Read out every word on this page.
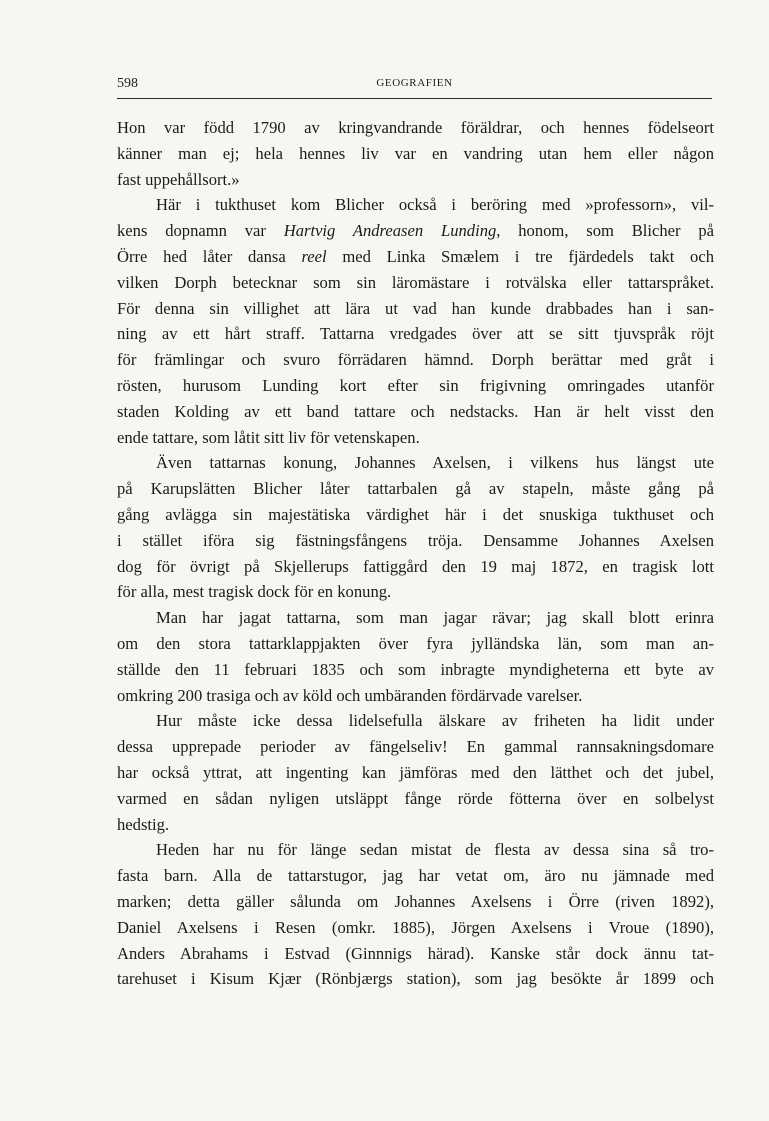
598	GEOGRAFIEN
Hon var född 1790 av kringvandrande föräldrar, och hennes födelseort
känner man ej; hela hennes liv var en vandring utan hem eller någon
fast uppehållsort.»
Här i tukthuset kom Blicher också i beröring med »professorn», vil-
kens dopnamn var Hartvig Andreasen Lunding, honom, som Blicher på
Örre hed låter dansa reel med Linka Smælem i tre fjärdedels takt och
vilken Dorph betecknar som sin läromästare i rotvälska eller tattarspråket.
För denna sin villighet att lära ut vad han kunde drabbades han i san-
ning av ett hårt straff. Tattarna vredgades över att se sitt tjuvspråk röjt
för främlingar och svuro förrädaren hämnd. Dorph berättar med gråt i
rösten, hurusom Lunding kort efter sin frigivning omringades utanför
staden Kolding av ett band tattare och nedstacks. Han är helt visst den
ende tattare, som låtit sitt liv för vetenskapen.
Även tattarnas konung, Johannes Axelsen, i vilkens hus längst ute
på Karupslätten Blicher låter tattarbalen gå av stapeln, måste gång på
gång avlägga sin majestätiska värdighet här i det snuskiga tukthuset och
i stället iföra sig fästningsfångens tröja. Densamme Johannes Axelsen
dog för övrigt på Skjellerups fattiggård den 19 maj 1872, en tragisk lott
för alla, mest tragisk dock för en konung.
Man har jagat tattarna, som man jagar rävar; jag skall blott erinra
om den stora tattarklappjakten över fyra jylländska län, som man an-
ställde den 11 februari 1835 och som inbragte myndigheterna ett byte av
omkring 200 trasiga och av köld och umbäranden fördärvade varelser.
Hur måste icke dessa lidelsefulla älskare av friheten ha lidit under
dessa upprepade perioder av fängelseliv! En gammal rannsakningsdomare
har också yttrat, att ingenting kan jämföras med den lätthet och det jubel,
varmed en sådan nyligen utsläppt fånge rörde fötterna över en solbelyst
hedstig.
Heden har nu för länge sedan mistat de flesta av dessa sina så tro-
fasta barn. Alla de tattarstugor, jag har vetat om, äro nu jämnade med
marken; detta gäller sålunda om Johannes Axelsens i Örre (riven 1892),
Daniel Axelsens i Resen (omkr. 1885), Jörgen Axelsens i Vroue (1890),
Anders Abrahams i Estvad (Ginnnigs härad). Kanske står dock ännu tat-
tarehuset i Kisum Kjær (Rönbjærgs station), som jag besökte år 1899 och
